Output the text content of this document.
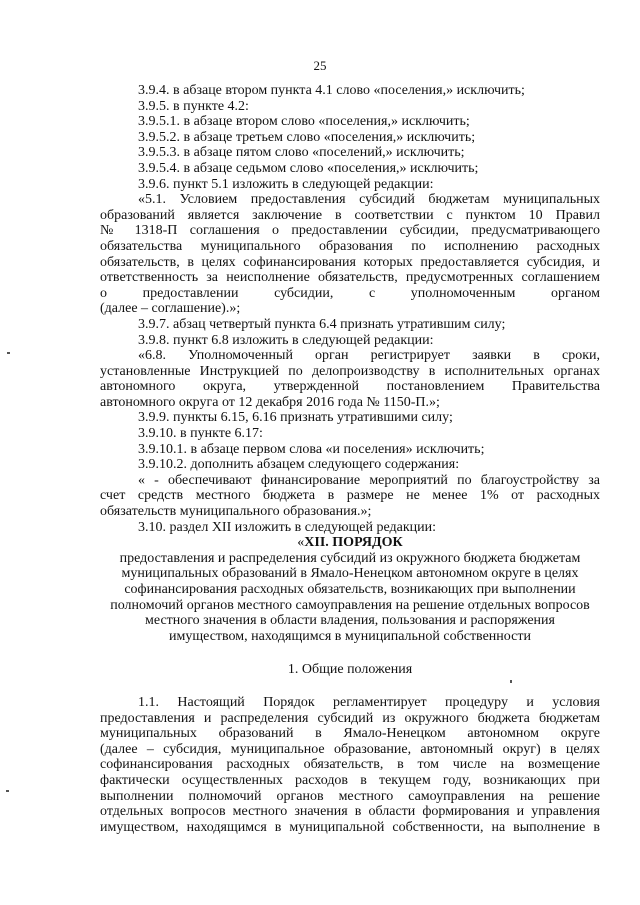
25
3.9.4. в абзаце втором пункта 4.1 слово «поселения,» исключить;
3.9.5. в пункте 4.2:
3.9.5.1. в абзаце втором слово «поселения,» исключить;
3.9.5.2. в абзаце третьем слово «поселения,» исключить;
3.9.5.3. в абзаце пятом слово «поселений,» исключить;
3.9.5.4. в абзаце седьмом слово «поселения,» исключить;
3.9.6. пункт 5.1 изложить в следующей редакции:
«5.1. Условием предоставления субсидий бюджетам муниципальных
образований является заключение в соответствии с пунктом 10 Правил
№ 1318-П соглашения о предоставлении субсидии, предусматривающего
обязательства муниципального образования по исполнению расходных
обязательств, в целях софинансирования которых предоставляется субсидия, и
ответственность за неисполнение обязательств, предусмотренных соглашением
о предоставлении субсидии, с уполномоченным органом
(далее – соглашение).»;
3.9.7. абзац четвертый пункта 6.4 признать утратившим силу;
3.9.8. пункт 6.8 изложить в следующей редакции:
«6.8. Уполномоченный орган регистрирует заявки в сроки,
установленные Инструкцией по делопроизводству в исполнительных органах
автономного округа, утвержденной постановлением Правительства
автономного округа от 12 декабря 2016 года № 1150-П.»;
3.9.9. пункты 6.15, 6.16 признать утратившими силу;
3.9.10. в пункте 6.17:
3.9.10.1. в абзаце первом слова «и поселения» исключить;
3.9.10.2. дополнить абзацем следующего содержания:
« - обеспечивают финансирование мероприятий по благоустройству за
счет средств местного бюджета в размере не менее 1% от расходных
обязательств муниципального образования.»;
3.10. раздел XII изложить в следующей редакции:
«XII. ПОРЯДОК
предоставления и распределения субсидий из окружного бюджета бюджетам
муниципальных образований в Ямало-Ненецком автономном округе в целях
софинансирования расходных обязательств, возникающих при выполнении
полномочий органов местного самоуправления на решение отдельных вопросов
местного значения в области владения, пользования и распоряжения
имуществом, находящимся в муниципальной собственности
1. Общие положения
1.1. Настоящий Порядок регламентирует процедуру и условия
предоставления и распределения субсидий из окружного бюджета бюджетам
муниципальных образований в Ямало-Ненецком автономном округе
(далее – субсидия, муниципальное образование, автономный округ) в целях
софинансирования расходных обязательств, в том числе на возмещение
фактически осуществленных расходов в текущем году, возникающих при
выполнении полномочий органов местного самоуправления на решение
отдельных вопросов местного значения в области формирования и управления
имуществом, находящимся в муниципальной собственности, на выполнение в
